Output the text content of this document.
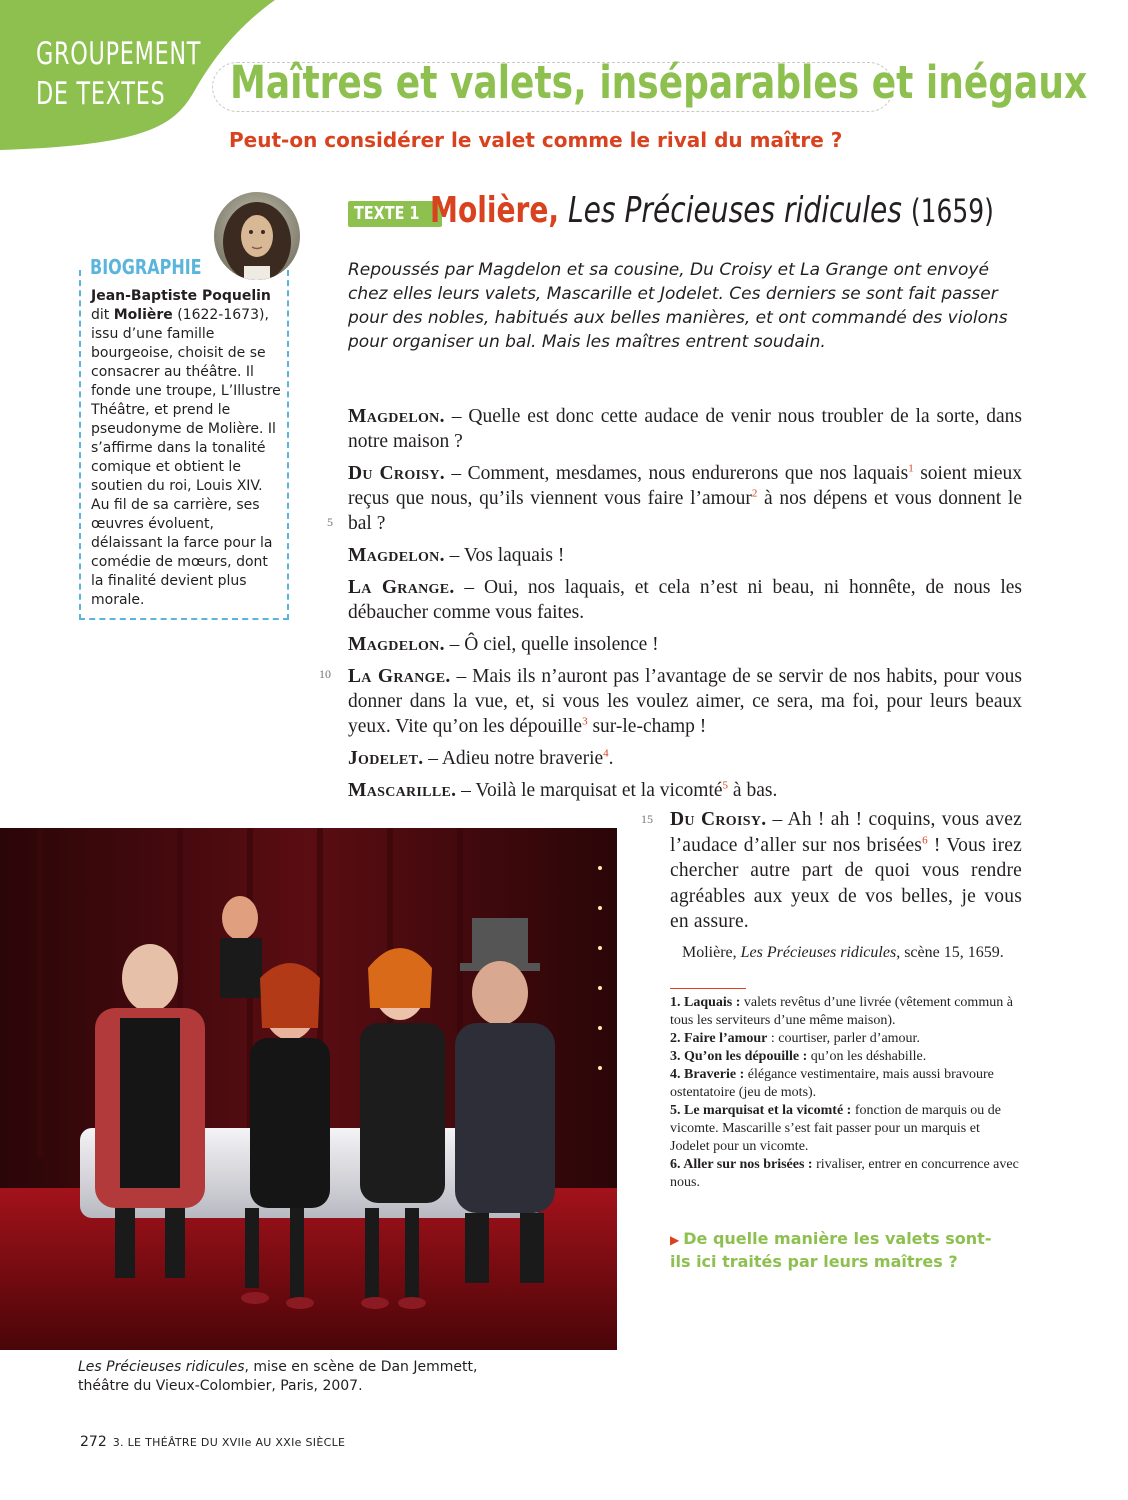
GROUPEMENT
DE TEXTES	Maîtres et valets, inséparables et inégaux
Peut-on considérer le valet comme le rival du maître ?
BIOGRAPHIE
Jean-Baptiste Poquelin dit Molière (1622-1673), issu d’une famille bourgeoise, choisit de se consacrer au théâtre. Il fonde une troupe, L’Illustre Théâtre, et prend le pseudonyme de Molière. Il s’affirme dans la tonalité comique et obtient le soutien du roi, Louis XIV. Au fil de sa carrière, ses œuvres évoluent, délaissant la farce pour la comédie de mœurs, dont la finalité devient plus morale.
TEXTE 1 Molière, Les Précieuses ridicules (1659)
Repoussés par Magdelon et sa cousine, Du Croisy et La Grange ont envoyé chez elles leurs valets, Mascarille et Jodelet. Ces derniers se sont fait passer pour des nobles, habitués aux belles manières, et ont commandé des violons pour organiser un bal. Mais les maîtres entrent soudain.
5
10
15

Magdelon. – Quelle est donc cette audace de venir nous troubler de la sorte, dans notre maison ?

Du Croisy. – Comment, mesdames, nous endurerons que nos laquais$^1$ soient mieux reçus que nous, qu’ils viennent vous faire l’amour$^2$ à nos dépens et vous donnent le bal ?

Magdelon. – Vos laquais !

La Grange. – Oui, nos laquais, et cela n’est ni beau, ni honnête, de nous les débaucher comme vous faites.

Magdelon. – Ô ciel, quelle insolence !

La Grange. – Mais ils n’auront pas l’avantage de se servir de nos habits, pour vous donner dans la vue, et, si vous les voulez aimer, ce sera, ma foi, pour leurs beaux yeux. Vite qu’on les dépouille$^3$ sur-le-champ !

Jodelet. – Adieu notre braverie$^4$.

Mascarille. – Voilà le marquisat et la vicomté$^5$ à bas.

Du Croisy. – Ah ! ah ! coquins, vous avez l’audace d’aller sur nos brisées$^6$ ! Vous irez chercher autre part de quoi vous rendre agréables aux yeux de vos belles, je vous en assure.

Molière, Les Précieuses ridicules, scène 15, 1659.
1. Laquais : valets revêtus d’une livrée (vêtement commun à tous les serviteurs d’une même maison).
2. Faire l’amour : courtiser, parler d’amour.
3. Qu’on les dépouille : qu’on les déshabille.
4. Braverie : élégance vestimentaire, mais aussi bravoure ostentatoire (jeu de mots).
5. Le marquisat et la vicomté : fonction de marquis ou de vicomte. Mascarille s’est fait passer pour un marquis et Jodelet pour un vicomte.
6. Aller sur nos brisées : rivaliser, entrer en concurrence avec nous.
▶ De quelle manière les valets sont-ils ici traités par leurs maîtres ?
Les Précieuses ridicules, mise en scène de Dan Jemmett, théâtre du Vieux-Colombier, Paris, 2007.
272 3. LE THÉÂTRE DU XVIIe AU XXIe SIÈCLE
